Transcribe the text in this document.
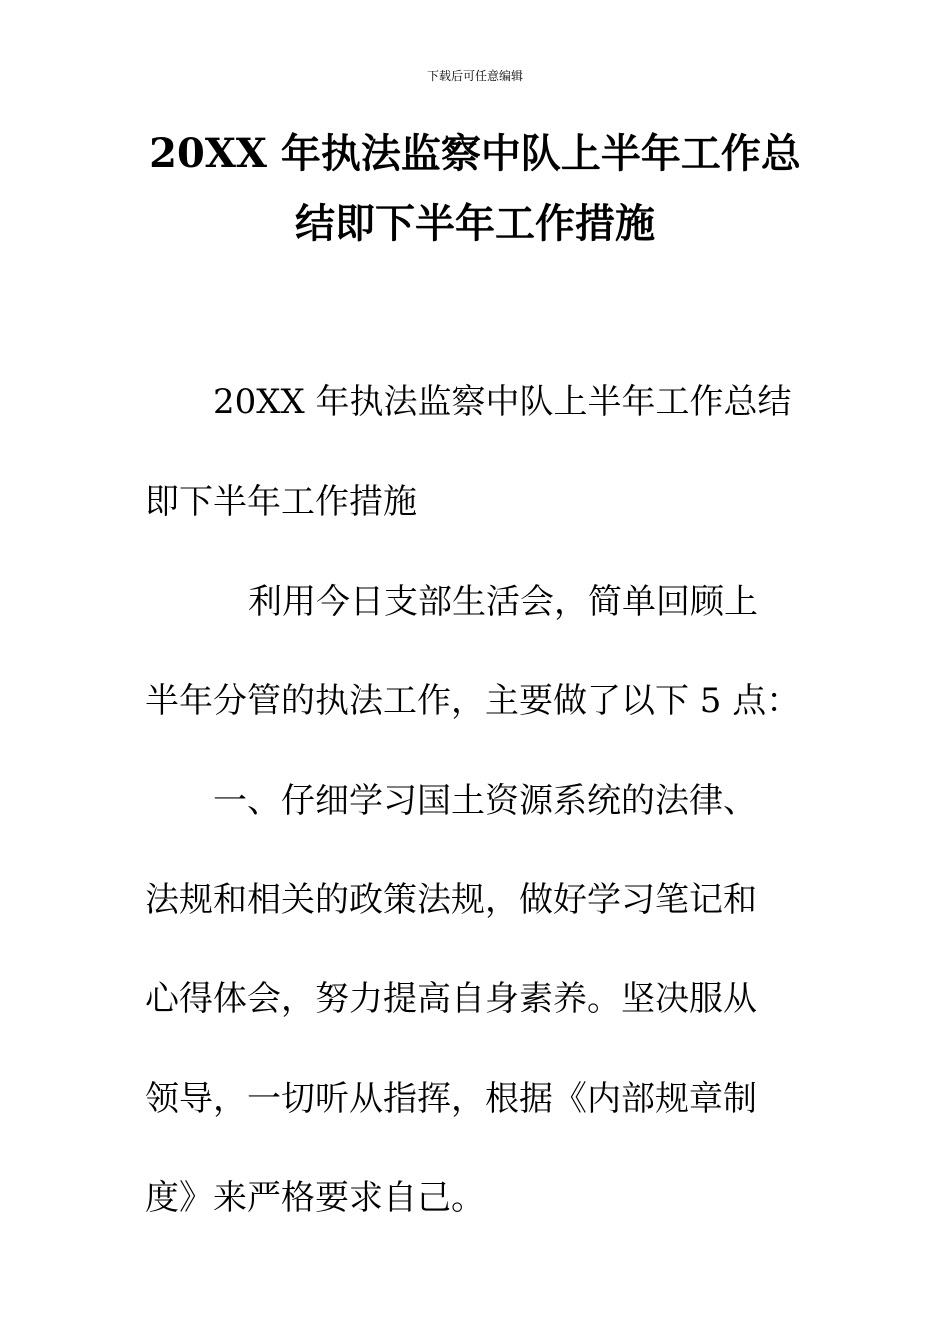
下载后可任意编辑
20XX 年执法监察中队上半年工作总
结即下半年工作措施
20XX 年执法监察中队上半年工作总结
即下半年工作措施
利用今日支部生活会，简单回顾上
半年分管的执法工作，主要做了以下 5 点：
一、仔细学习国土资源系统的法律、
法规和相关的政策法规，做好学习笔记和
心得体会，努力提高自身素养。坚决服从
领导，一切听从指挥，根据《内部规章制
度》来严格要求自己。
